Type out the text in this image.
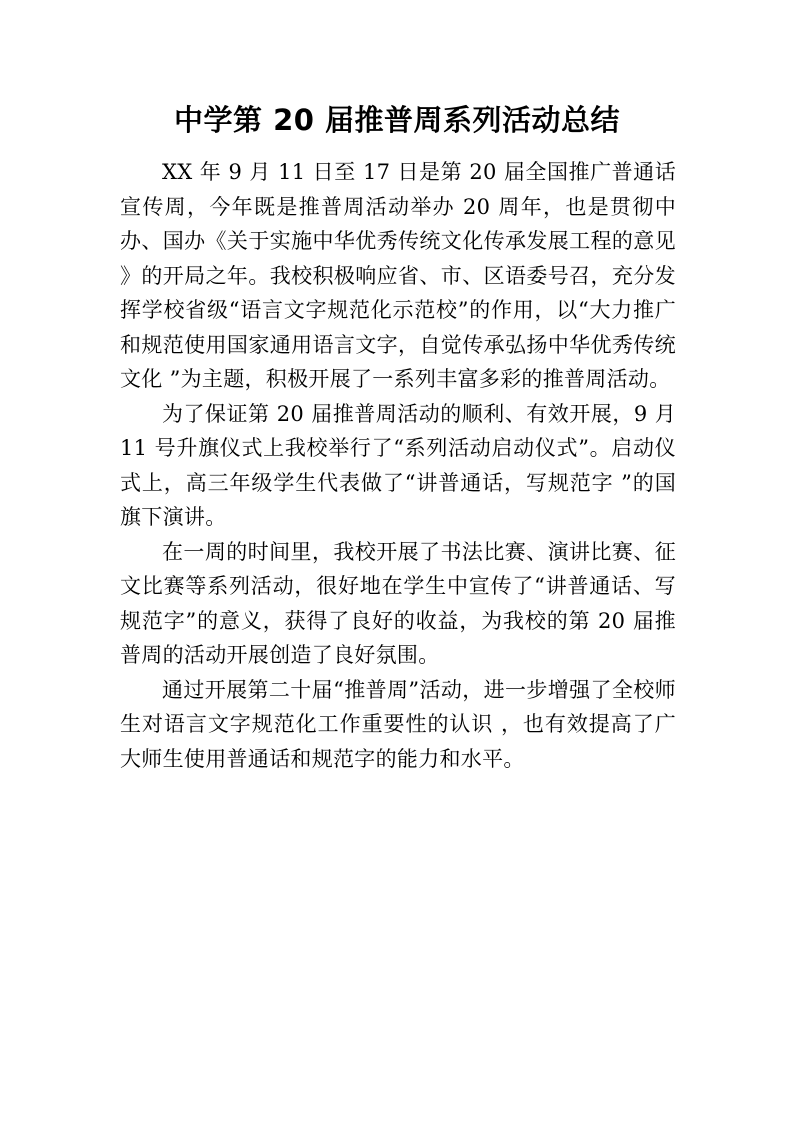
中学第 20 届推普周系列活动总结

XX 年 9 月 11 日至 17 日是第 20 届全国推广普通话宣传周，今年既是推普周活动举办 20 周年，也是贯彻中办、国办《关于实施中华优秀传统文化传承发展工程的意见 》的开局之年。我校积极响应省、市、区语委号召，充分发挥学校省级“语言文字规范化示范校”的作用，以“大力推广和规范使用国家通用语言文字，自觉传承弘扬中华优秀传统文化 ”为主题，积极开展了一系列丰富多彩的推普周活动。

为了保证第 20 届推普周活动的顺利、有效开展，9 月 11 号升旗仪式上我校举行了“系列活动启动仪式”。启动仪式上，高三年级学生代表做了“讲普通话，写规范字 ”的国旗下演讲。

在一周的时间里，我校开展了书法比赛、演讲比赛、征文比赛等系列活动，很好地在学生中宣传了“讲普通话、写规范字”的意义，获得了良好的收益，为我校的第 20 届推普周的活动开展创造了良好氛围。

通过开展第二十届“推普周”活动，进一步增强了全校师生对语言文字规范化工作重要性的认识 ，也有效提高了广大师生使用普通话和规范字的能力和水平。
